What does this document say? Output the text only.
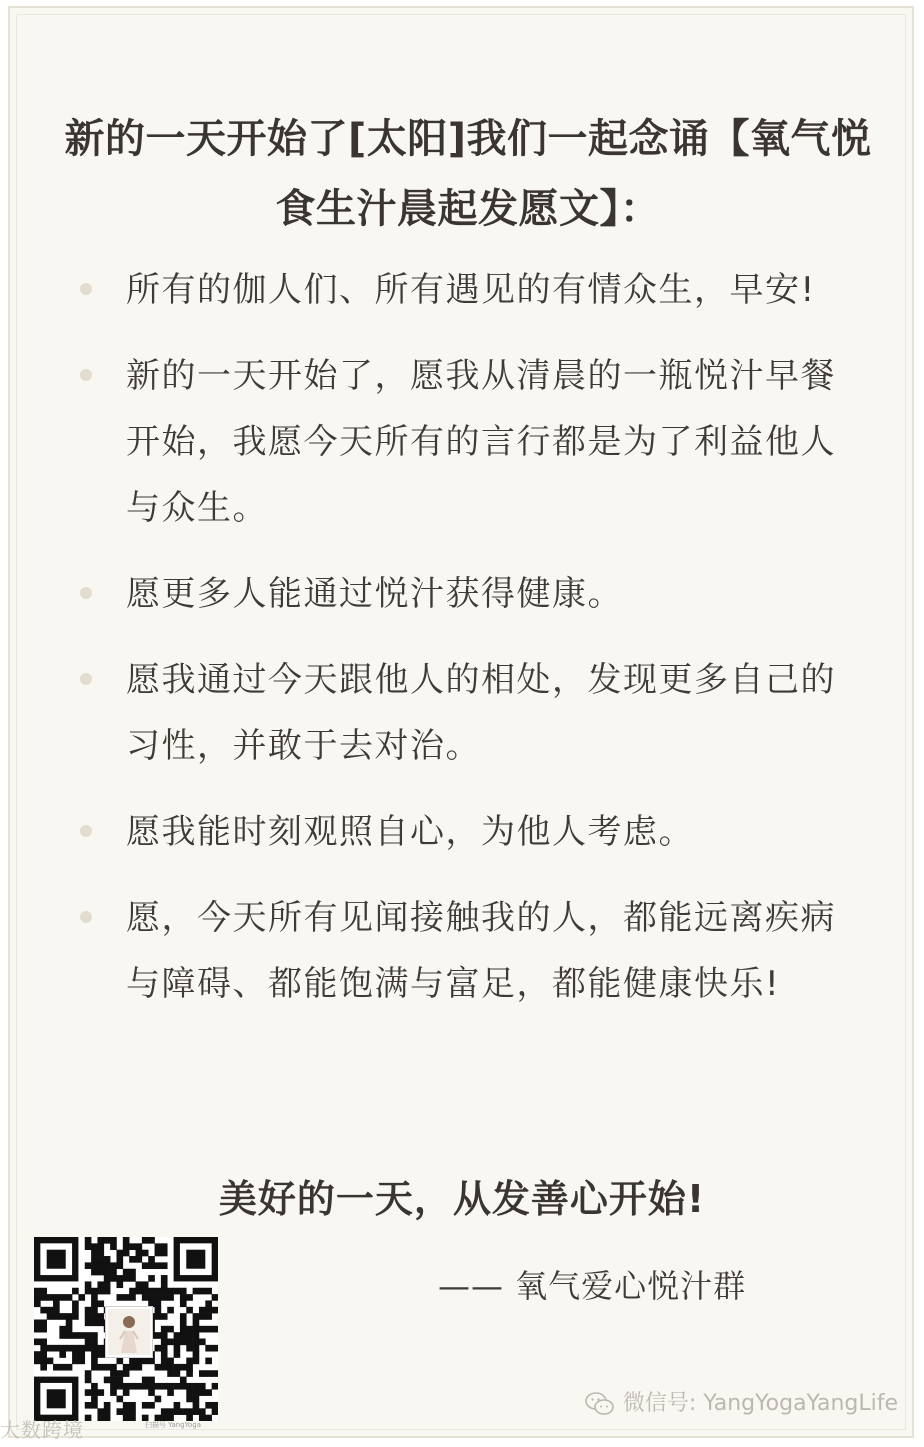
新的一天开始了[太阳]我们一起念诵【氧气悦食生汁晨起发愿文】：
所有的伽人们、所有遇见的有情众生，早安!
新的一天开始了，愿我从清晨的一瓶悦汁早餐开始，我愿今天所有的言行都是为了利益他人与众生。
愿更多人能通过悦汁获得健康。
愿我通过今天跟他人的相处，发现更多自己的习性，并敢于去对治。
愿我能时刻观照自心，为他人考虑。
愿，今天所有见闻接触我的人，都能远离疾病与障碍、都能饱满与富足，都能健康快乐!
美好的一天，从发善心开始!
—— 氧气爱心悦汁群
扫描号 YangYoga
大数跨境
微信号: YangYogaYangLife
